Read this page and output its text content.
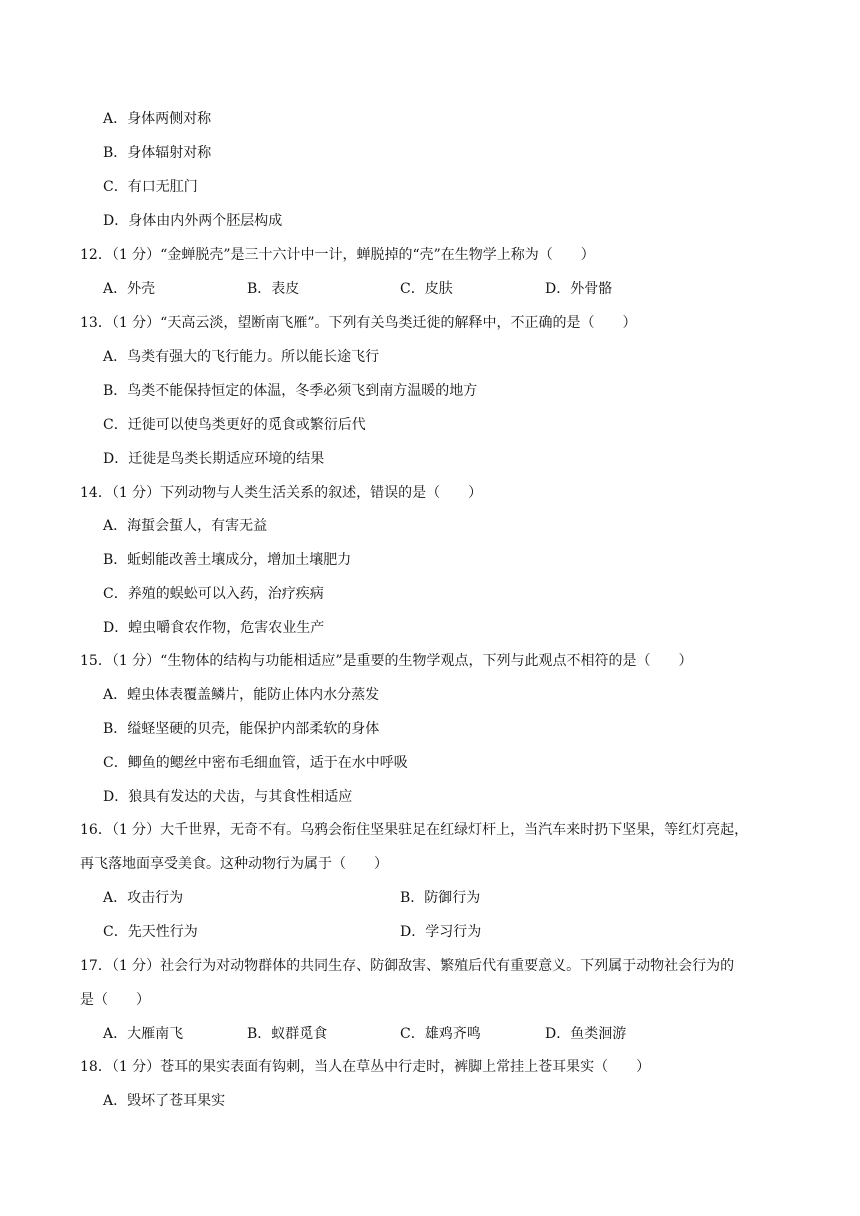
A．身体两侧对称
B．身体辐射对称
C．有口无肛门
D．身体由内外两个胚层构成
12．（1 分）“金蝉脱壳”是三十六计中一计，蝉脱掉的“壳”在生物学上称为（　　）
A．外壳	B．表皮	C．皮肤	D．外骨骼
13．（1 分）“天高云淡，望断南飞雁”。下列有关鸟类迁徙的解释中，不正确的是（　　）
A．鸟类有强大的飞行能力。所以能长途飞行
B．鸟类不能保持恒定的体温，冬季必须飞到南方温暖的地方
C．迁徙可以使鸟类更好的觅食或繁衍后代
D．迁徙是鸟类长期适应环境的结果
14．（1 分）下列动物与人类生活关系的叙述，错误的是（　　）
A．海蜇会蜇人，有害无益
B．蚯蚓能改善土壤成分，增加土壤肥力
C．养殖的蜈蚣可以入药，治疗疾病
D．蝗虫嚼食农作物，危害农业生产
15．（1 分）“生物体的结构与功能相适应”是重要的生物学观点，下列与此观点不相符的是（　　）
A．蝗虫体表覆盖鳞片，能防止体内水分蒸发
B．缢蛏坚硬的贝壳，能保护内部柔软的身体
C．鲫鱼的鳃丝中密布毛细血管，适于在水中呼吸
D．狼具有发达的犬齿，与其食性相适应
16．（1 分）大千世界，无奇不有。乌鸦会衔住坚果驻足在红绿灯杆上，当汽车来时扔下坚果，等红灯亮起，
再飞落地面享受美食。这种动物行为属于（　　）
A．攻击行为	B．防御行为
C．先天性行为	D．学习行为
17．（1 分）社会行为对动物群体的共同生存、防御敌害、繁殖后代有重要意义。下列属于动物社会行为的
是（　　）
A．大雁南飞	B．蚁群觅食	C．雄鸡齐鸣	D．鱼类洄游
18．（1 分）苍耳的果实表面有钩刺，当人在草丛中行走时，裤脚上常挂上苍耳果实（　　）
A．毁坏了苍耳果实
